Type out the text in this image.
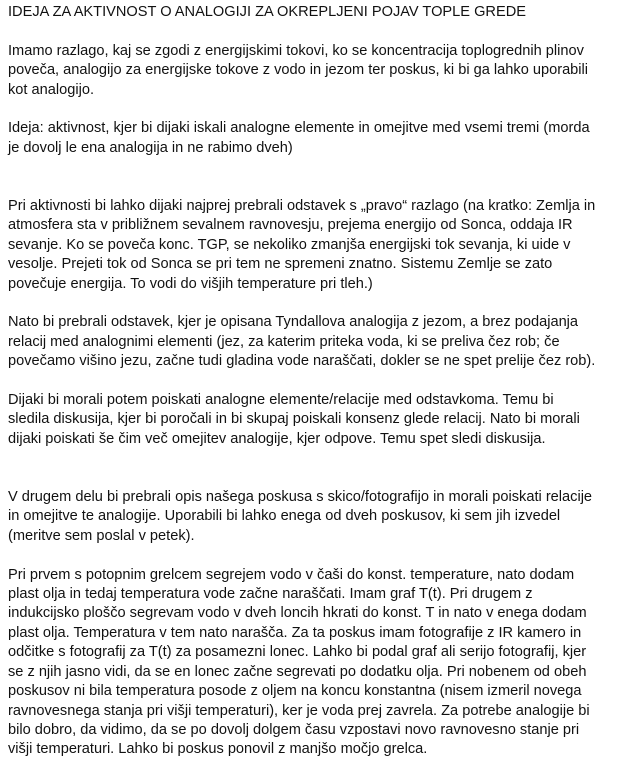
IDEJA ZA AKTIVNOST O ANALOGIJI ZA OKREPLJENI POJAV TOPLE GREDE

Imamo razlago, kaj se zgodi z energijskimi tokovi, ko se koncentracija toplogrednih plinov
poveča, analogijo za energijske tokove z vodo in jezom ter poskus, ki bi ga lahko uporabili
kot analogijo.

Ideja: aktivnost, kjer bi dijaki iskali analogne elemente in omejitve med vsemi tremi (morda
je dovolj le ena analogija in ne rabimo dveh)

Pri aktivnosti bi lahko dijaki najprej prebrali odstavek s „pravo“ razlago (na kratko: Zemlja in
atmosfera sta v približnem sevalnem ravnovesju, prejema energijo od Sonca, oddaja IR
sevanje. Ko se poveča konc. TGP, se nekoliko zmanjša energijski tok sevanja, ki uide v
vesolje. Prejeti tok od Sonca se pri tem ne spremeni znatno. Sistemu Zemlje se zato
povečuje energija. To vodi do višjih temperature pri tleh.)

Nato bi prebrali odstavek, kjer je opisana Tyndallova analogija z jezom, a brez podajanja
relacij med analognimi elementi (jez, za katerim priteka voda, ki se preliva čez rob; če
povečamo višino jezu, začne tudi gladina vode naraščati, dokler se ne spet prelije čez rob).

Dijaki bi morali potem poiskati analogne elemente/relacije med odstavkoma. Temu bi
sledila diskusija, kjer bi poročali in bi skupaj poiskali konsenz glede relacij. Nato bi morali
dijaki poiskati še čim več omejitev analogije, kjer odpove. Temu spet sledi diskusija.

V drugem delu bi prebrali opis našega poskusa s skico/fotografijo in morali poiskati relacije
in omejitve te analogije. Uporabili bi lahko enega od dveh poskusov, ki sem jih izvedel
(meritve sem poslal v petek).

Pri prvem s potopnim grelcem segrejem vodo v čaši do konst. temperature, nato dodam
plast olja in tedaj temperatura vode začne naraščati. Imam graf T(t). Pri drugem z
indukcijsko ploščo segrevam vodo v dveh loncih hkrati do konst. T in nato v enega dodam
plast olja. Temperatura v tem nato narašča. Za ta poskus imam fotografije z IR kamero in
odčitke s fotografij za T(t) za posamezni lonec. Lahko bi podal graf ali serijo fotografij, kjer
se z njih jasno vidi, da se en lonec začne segrevati po dodatku olja. Pri nobenem od obeh
poskusov ni bila temperatura posode z oljem na koncu konstantna (nisem izmeril novega
ravnovesnega stanja pri višji temperaturi), ker je voda prej zavrela. Za potrebe analogije bi
bilo dobro, da vidimo, da se po dovolj dolgem času vzpostavi novo ravnovesno stanje pri
višji temperaturi. Lahko bi poskus ponovil z manjšo močjo grelca.
